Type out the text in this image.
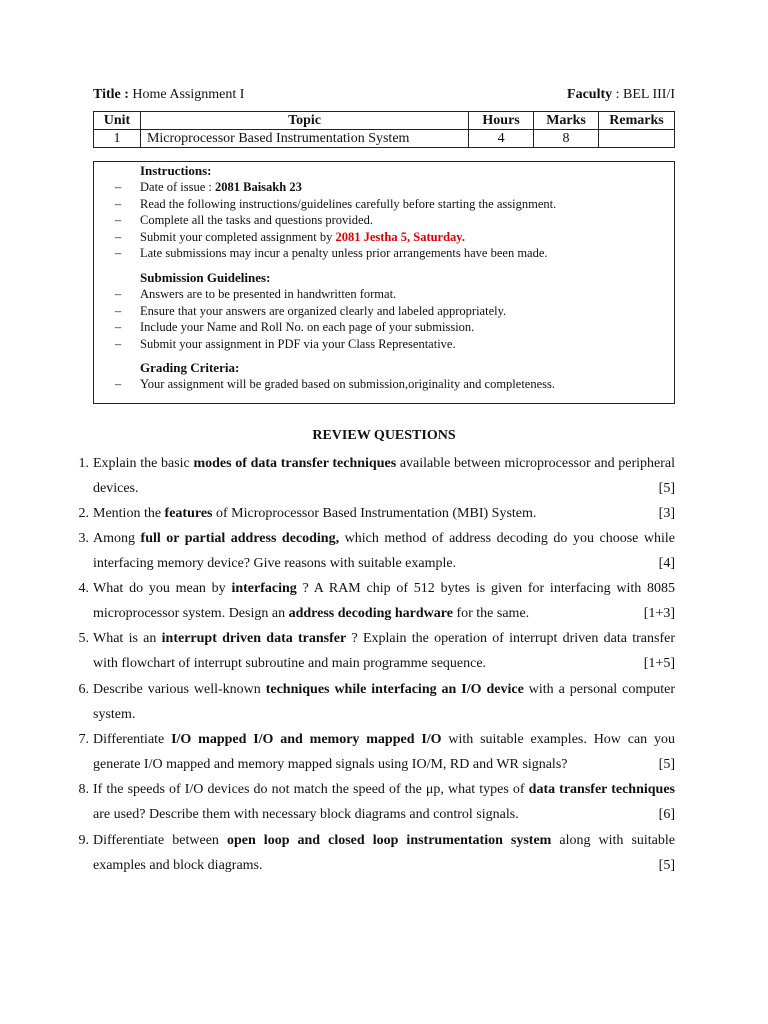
Title : Home Assignment I	Faculty : BEL III/I
Unit	Topic	Hours	Marks	Remarks
1	Microprocessor Based Instrumentation System	4	8	
Instructions:
– Date of issue : 2081 Baisakh 23
– Read the following instructions/guidelines carefully before starting the assignment.
– Complete all the tasks and questions provided.
– Submit your completed assignment by 2081 Jestha 5, Saturday.
– Late submissions may incur a penalty unless prior arrangements have been made.
Submission Guidelines:
– Answers are to be presented in handwritten format.
– Ensure that your answers are organized clearly and labeled appropriately.
– Include your Name and Roll No. on each page of your submission.
– Submit your assignment in PDF via your Class Representative.
Grading Criteria:
– Your assignment will be graded based on submission,originality and completeness.
REVIEW QUESTIONS
1. Explain the basic modes of data transfer techniques available between microprocessor and peripheral devices.	[5]
2. Mention the features of Microprocessor Based Instrumentation (MBI) System.	[3]
3. Among full or partial address decoding, which method of address decoding do you choose while interfacing memory device? Give reasons with suitable example.	[4]
4. What do you mean by interfacing ? A RAM chip of 512 bytes is given for interfacing with 8085 microprocessor system. Design an address decoding hardware for the same.	[1+3]
5. What is an interrupt driven data transfer ? Explain the operation of interrupt driven data transfer with flowchart of interrupt subroutine and main programme sequence.	[1+5]
6. Describe various well-known techniques while interfacing an I/O device with a personal computer system.
7. Differentiate I/O mapped I/O and memory mapped I/O with suitable examples. How can you generate I/O mapped and memory mapped signals using IO/M, RD and WR signals?	[5]
8. If the speeds of I/O devices do not match the speed of the μp, what types of data transfer techniques are used? Describe them with necessary block diagrams and control signals.	[6]
9. Differentiate between open loop and closed loop instrumentation system along with suitable examples and block diagrams.	[5]
